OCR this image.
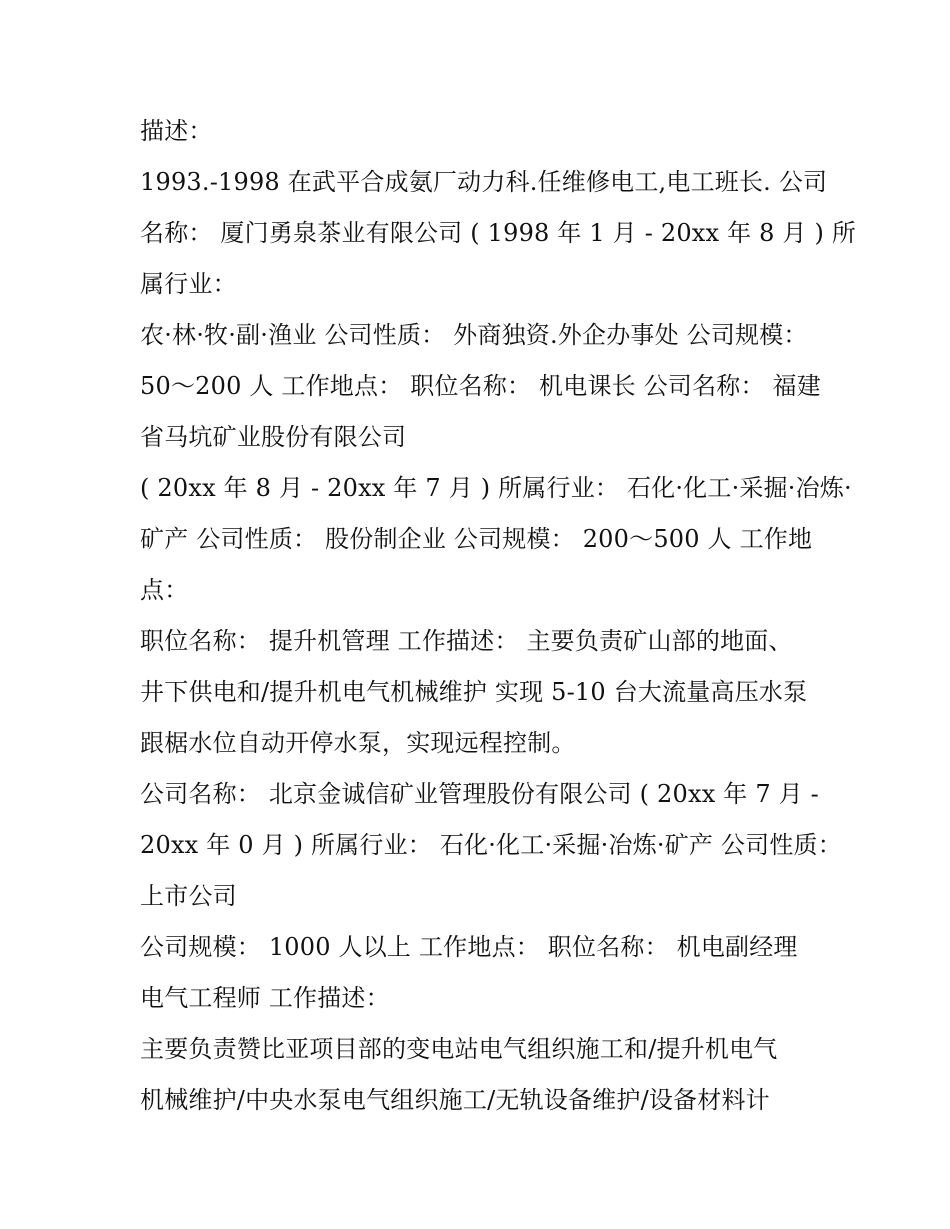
描述：
1993.-1998 在武平合成氨厂动力科.任维修电工,电工班长. 公司
名称： 厦门勇泉茶业有限公司 ( 1998 年 1 月 - 20xx 年 8 月 ) 所
属行业：
农·林·牧·副·渔业 公司性质： 外商独资.外企办事处 公司规模：
50～200 人 工作地点： 职位名称： 机电课长 公司名称： 福建
省马坑矿业股份有限公司
( 20xx 年 8 月 - 20xx 年 7 月 ) 所属行业： 石化·化工·采掘·冶炼·
矿产 公司性质： 股份制企业 公司规模： 200～500 人 工作地
点：
职位名称： 提升机管理 工作描述： 主要负责矿山部的地面、
井下供电和/提升机电气机械维护 实现 5-10 台大流量高压水泵
跟椐水位自动开停水泵，实现远程控制。
公司名称： 北京金诚信矿业管理股份有限公司 ( 20xx 年 7 月 -
20xx 年 0 月 ) 所属行业： 石化·化工·采掘·冶炼·矿产 公司性质：
上市公司
公司规模： 1000 人以上 工作地点： 职位名称： 机电副经理
电气工程师 工作描述：
主要负责赞比亚项目部的变电站电气组织施工和/提升机电气
机械维护/中央水泵电气组织施工/无轨设备维护/设备材料计
